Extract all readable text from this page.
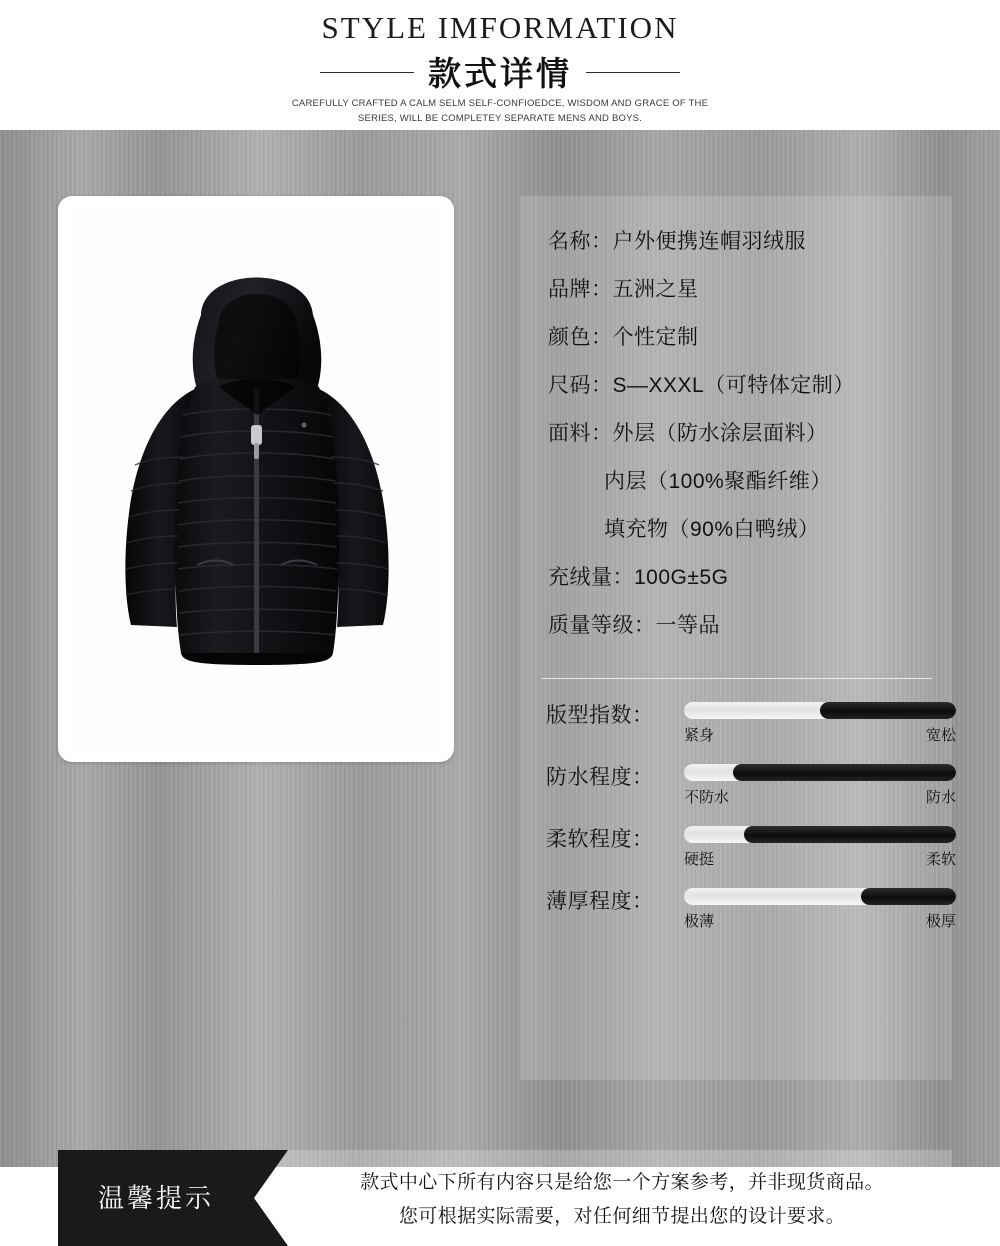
STYLE IMFORMATION
款式详情
CAREFULLY CRAFTED A CALM SELM SELF-CONFIOEDCE, WISDOM AND GRACE OF THE
SERIES, WILL BE COMPLETEY SEPARATE MENS AND BOYS.
名称：户外便携连帽羽绒服
品牌：五洲之星
颜色：个性定制
尺码：S—XXXL（可特体定制）
面料：外层（防水涂层面料）
内层（100%聚酯纤维）
填充物（90%白鸭绒）
充绒量：100G±5G
质量等级：一等品
版型指数：
紧身	宽松
防水程度：
不防水	防水
柔软程度：
硬挺	柔软
薄厚程度：
极薄	极厚
温馨提示
款式中心下所有内容只是给您一个方案参考，并非现货商品。
您可根据实际需要，对任何细节提出您的设计要求。
